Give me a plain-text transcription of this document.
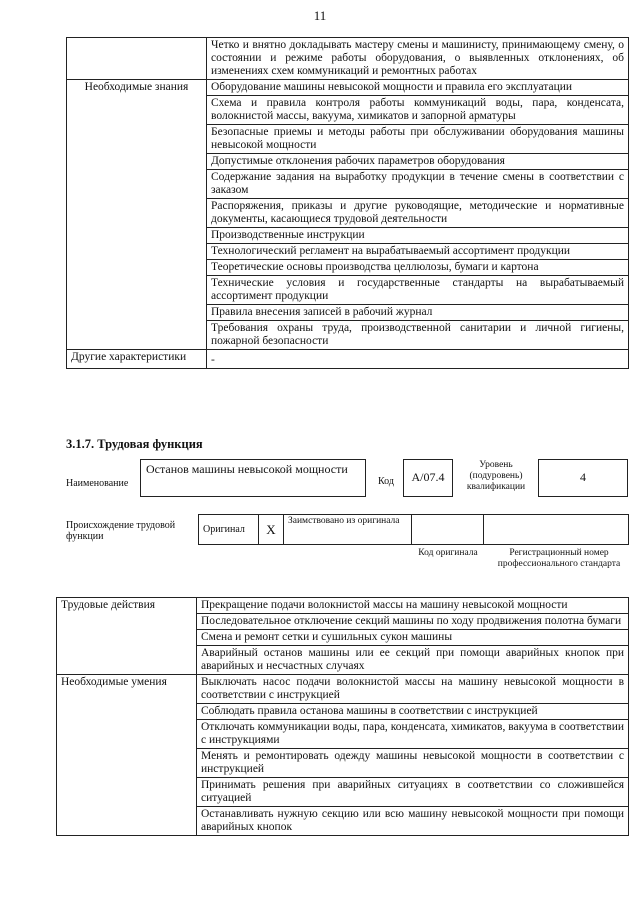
11
	Четко и внятно докладывать мастеру смены и машинисту, принимающему смену, о состоянии и режиме работы оборудования, о выявленных отклонениях, об изменениях схем коммуникаций и ремонтных работах
Необходимые знания	Оборудование машины невысокой мощности и правила его эксплуатации
	Схема и правила контроля работы коммуникаций воды, пара, конденсата, волокнистой массы, вакуума, химикатов и запорной арматуры
	Безопасные приемы и методы работы при обслуживании оборудования машины невысокой мощности
	Допустимые отклонения рабочих параметров оборудования
	Содержание задания на выработку продукции в течение смены в соответствии с заказом
	Распоряжения, приказы и другие руководящие, методические и нормативные документы, касающиеся трудовой деятельности
	Производственные инструкции
	Технологический регламент на вырабатываемый ассортимент продукции
	Теоретические основы производства целлюлозы, бумаги и картона
	Технические условия и государственные стандарты на вырабатываемый ассортимент продукции
	Правила внесения записей в рабочий журнал
	Требования охраны труда, производственной санитарии и личной гигиены, пожарной безопасности
Другие характеристики	-
3.1.7. Трудовая функция
Наименование
Останов машины невысокой мощности
Код	А/07.4
Уровень (подуровень) квалификации
4
Происхождение трудовой функции
Оригинал	X	Заимствовано из оригинала		
Код оригинала	Регистрационный номер профессионального стандарта
Трудовые действия	Прекращение подачи волокнистой массы на машину невысокой мощности
	Последовательное отключение секций машины по ходу продвижения полотна бумаги
	Смена и ремонт сетки и сушильных сукон машины
	Аварийный останов машины или ее секций при помощи аварийных кнопок при аварийных и несчастных случаях
Необходимые умения	Выключать насос подачи волокнистой массы на машину невысокой мощности в соответствии с инструкцией
	Соблюдать правила останова машины в соответствии с инструкцией
	Отключать коммуникации воды, пара, конденсата, химикатов, вакуума в соответствии с инструкциями
	Менять и ремонтировать одежду машины невысокой мощности в соответствии с инструкцией
	Принимать решения при аварийных ситуациях в соответствии со сложившейся ситуацией
	Останавливать нужную секцию или всю машину невысокой мощности при помощи аварийных кнопок
